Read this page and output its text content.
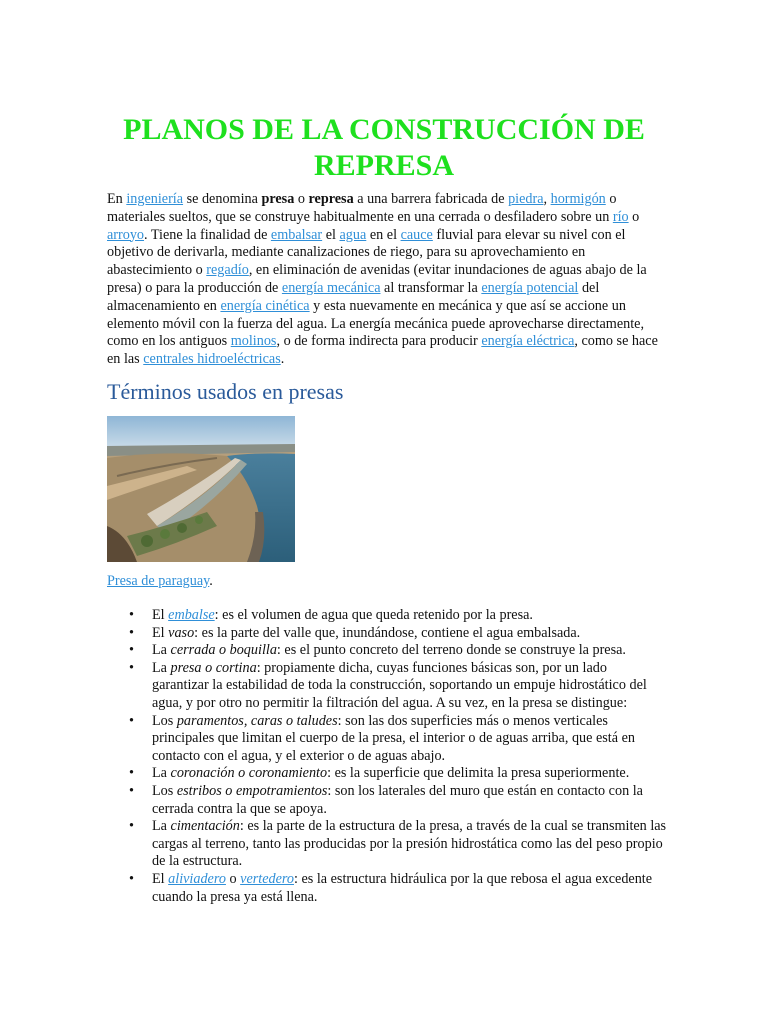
PLANOS DE LA CONSTRUCCIÓN DE REPRESA

En ingeniería se denomina presa o represa a una barrera fabricada de piedra, hormigón o materiales sueltos, que se construye habitualmente en una cerrada o desfiladero sobre un río o arroyo. Tiene la finalidad de embalsar el agua en el cauce fluvial para elevar su nivel con el objetivo de derivarla, mediante canalizaciones de riego, para su aprovechamiento en abastecimiento o regadío, en eliminación de avenidas (evitar inundaciones de aguas abajo de la presa) o para la producción de energía mecánica al transformar la energía potencial del almacenamiento en energía cinética y esta nuevamente en mecánica y que así se accione un elemento móvil con la fuerza del agua. La energía mecánica puede aprovecharse directamente, como en los antiguos molinos, o de forma indirecta para producir energía eléctrica, como se hace en las centrales hidroeléctricas.

Términos usados en presas

Presa de paraguay.

• El embalse: es el volumen de agua que queda retenido por la presa.
• El vaso: es la parte del valle que, inundándose, contiene el agua embalsada.
• La cerrada o boquilla: es el punto concreto del terreno donde se construye la presa.
• La presa o cortina: propiamente dicha, cuyas funciones básicas son, por un lado garantizar la estabilidad de toda la construcción, soportando un empuje hidrostático del agua, y por otro no permitir la filtración del agua. A su vez, en la presa se distingue:
• Los paramentos, caras o taludes: son las dos superficies más o menos verticales principales que limitan el cuerpo de la presa, el interior o de aguas arriba, que está en contacto con el agua, y el exterior o de aguas abajo.
• La coronación o coronamiento: es la superficie que delimita la presa superiormente.
• Los estribos o empotramientos: son los laterales del muro que están en contacto con la cerrada contra la que se apoya.
• La cimentación: es la parte de la estructura de la presa, a través de la cual se transmiten las cargas al terreno, tanto las producidas por la presión hidrostática como las del peso propio de la estructura.
• El aliviadero o vertedero: es la estructura hidráulica por la que rebosa el agua excedente cuando la presa ya está llena.
